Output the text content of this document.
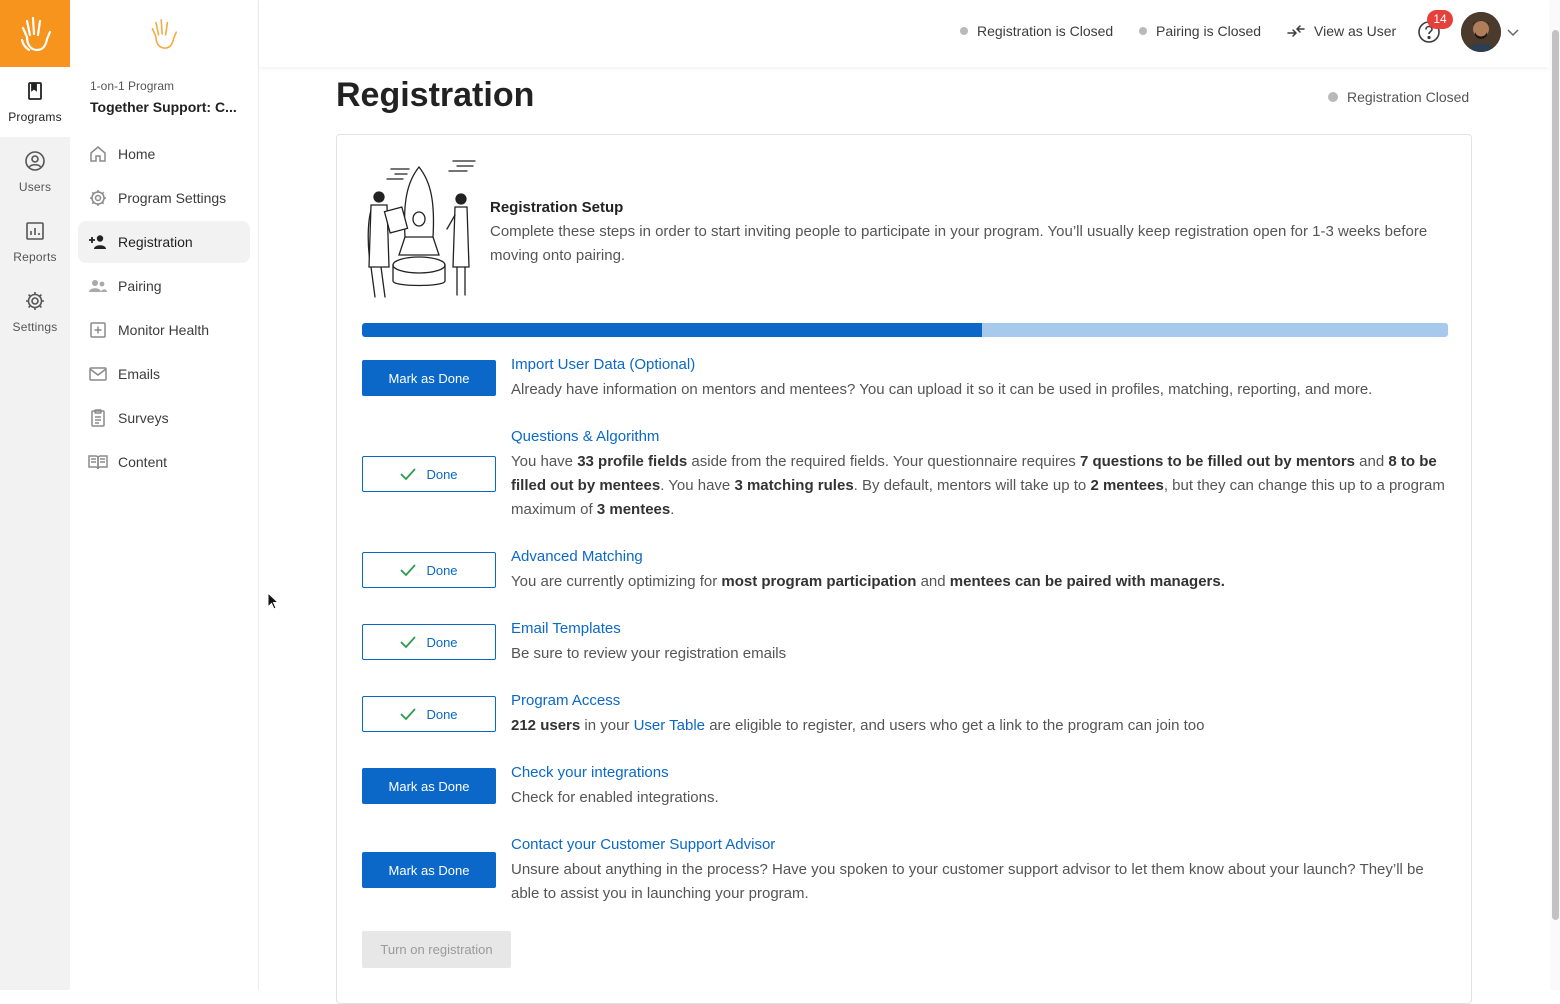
Programs
Users
Reports
Settings
1-on-1 Program
Together Support: C...
Home
Program Settings
Registration
Pairing
Monitor Health
Emails
Surveys
Content
Registration is Closed	Pairing is Closed	View as User
14
Registration	Registration Closed
Registration Setup
Complete these steps in order to start inviting people to participate in your program. You’ll usually keep registration open for 1-3 weeks before moving onto pairing.
Mark as Done
Import User Data (Optional)
Already have information on mentors and mentees? You can upload it so it can be used in profiles, matching, reporting, and more.
Done
Questions & Algorithm
You have 33 profile fields aside from the required fields. Your questionnaire requires 7 questions to be filled out by mentors and 8 to be filled out by mentees. You have 3 matching rules. By default, mentors will take up to 2 mentees, but they can change this up to a program maximum of 3 mentees.
Done
Advanced Matching
You are currently optimizing for most program participation and mentees can be paired with managers.
Done
Email Templates
Be sure to review your registration emails
Done
Program Access
212 users in your User Table are eligible to register, and users who get a link to the program can join too
Mark as Done
Check your integrations
Check for enabled integrations.
Mark as Done
Contact your Customer Support Advisor
Unsure about anything in the process? Have you spoken to your customer support advisor to let them know about your launch? They’ll be able to assist you in launching your program.
Turn on registration
